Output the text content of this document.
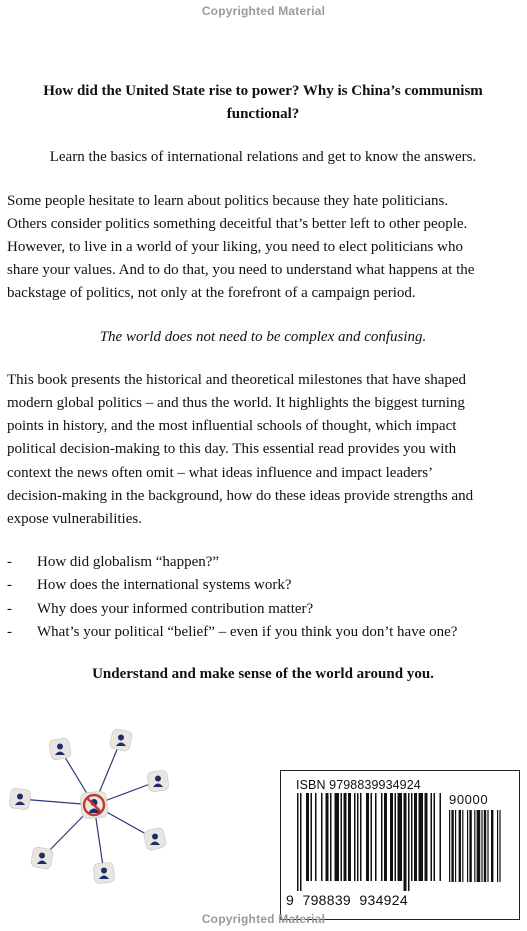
Copyrighted Material

How did the United State rise to power? Why is China’s communism

functional?

Learn the basics of international relations and get to know the answers.

Some people hesitate to learn about politics because they hate politicians.

Others consider politics something deceitful that’s better left to other people.

However, to live in a world of your liking, you need to elect politicians who

share your values. And to do that, you need to understand what happens at the

backstage of politics, not only at the forefront of a campaign period.

The world does not need to be complex and confusing.

This book presents the historical and theoretical milestones that have shaped

modern global politics – and thus the world. It highlights the biggest turning

points in history, and the most influential schools of thought, which impact

political decision-making to this day. This essential read provides you with

context the news often omit – what ideas influence and impact leaders’

decision-making in the background, how do these ideas provide strengths and

expose vulnerabilities.

- How did globalism “happen?”
- How does the international systems work?
- Why does your informed contribution matter?
- What’s your political “belief” – even if you think you don’t have one?

Understand and make sense of the world around you.

ISBN 9798839934924
90000
9 798839 934924
Copyrighted Material
